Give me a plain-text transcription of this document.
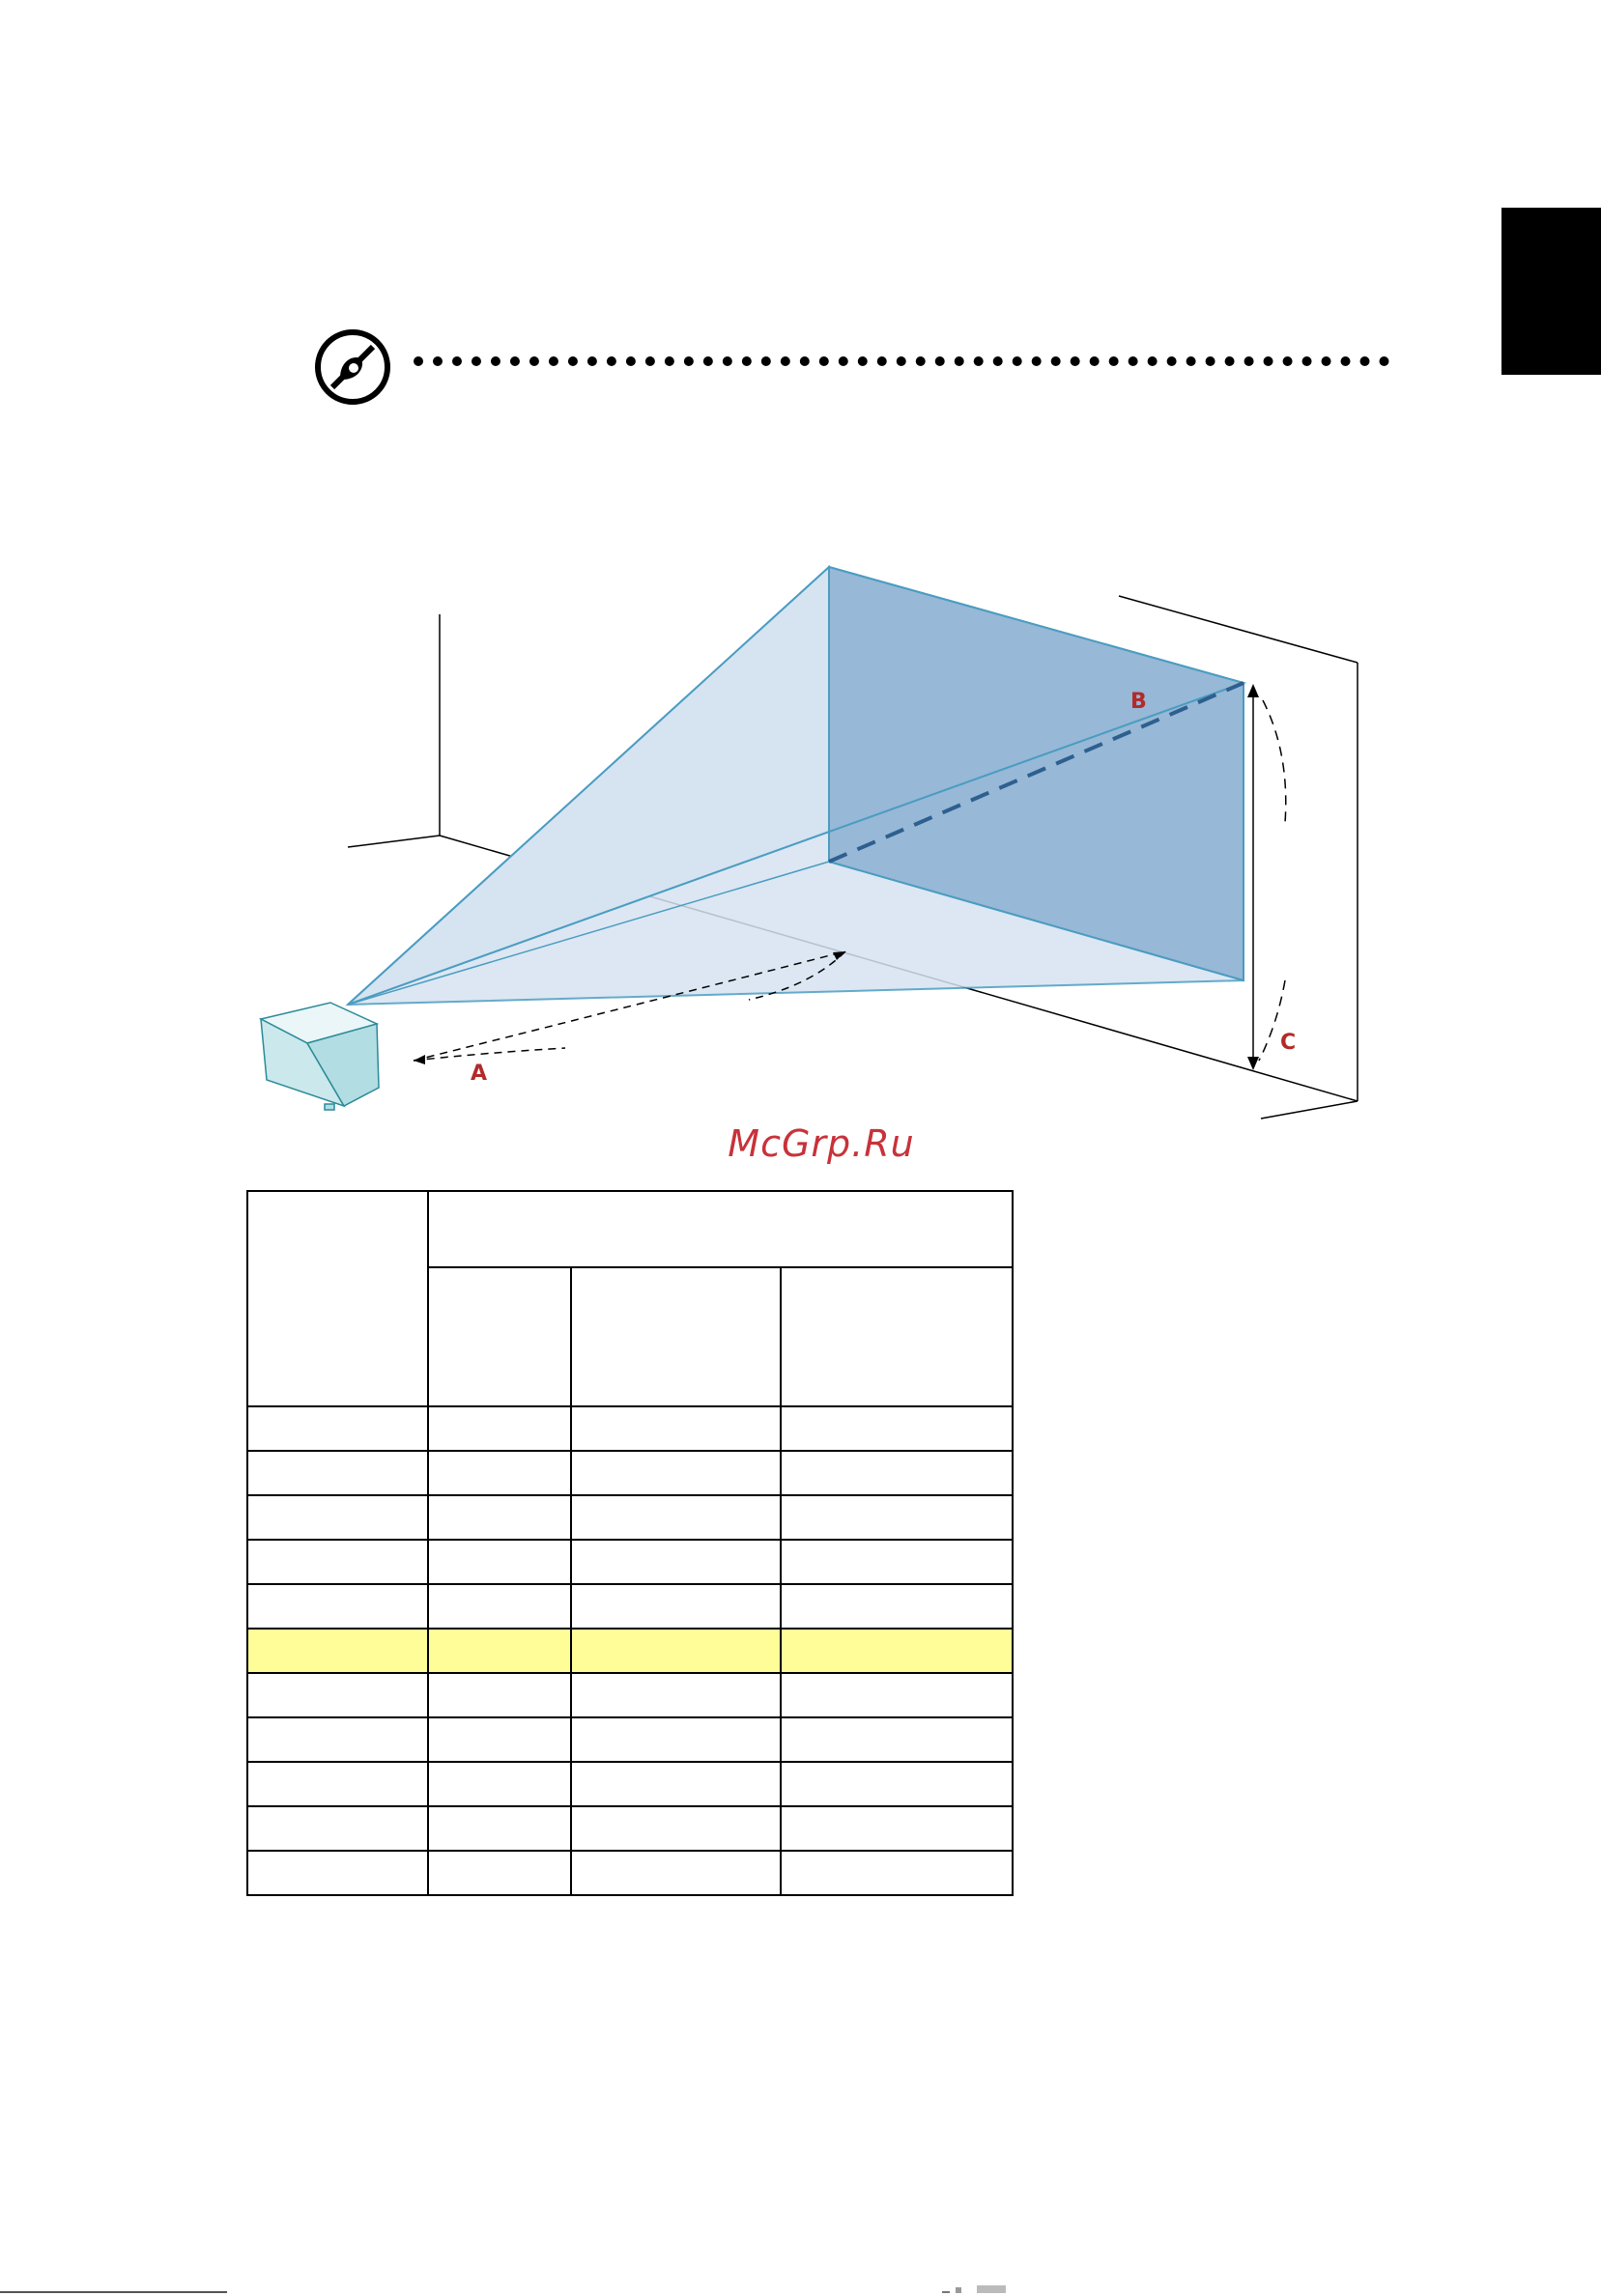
B
A
C
McGrp.Ru
